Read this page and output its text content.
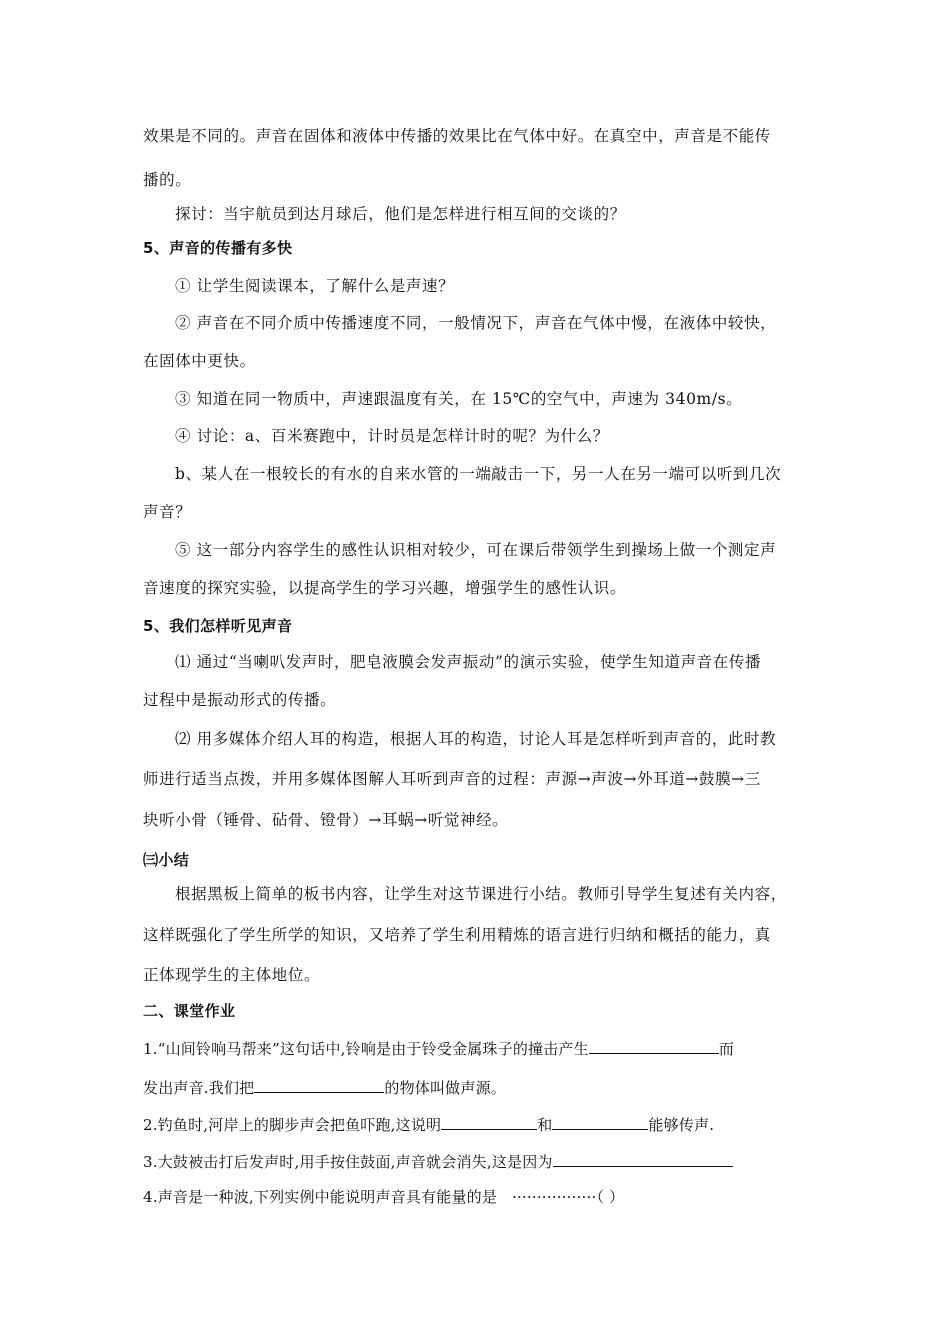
效果是不同的。声音在固体和液体中传播的效果比在气体中好。在真空中，声音是不能传
播的。
探讨：当宇航员到达月球后，他们是怎样进行相互间的交谈的？
5、声音的传播有多快
① 让学生阅读课本，了解什么是声速？
② 声音在不同介质中传播速度不同，一般情况下，声音在气体中慢，在液体中较快，
在固体中更快。
③ 知道在同一物质中，声速跟温度有关，在 15℃的空气中，声速为 340m/s。
④ 讨论：a、百米赛跑中，计时员是怎样计时的呢？为什么？
b、某人在一根较长的有水的自来水管的一端敲击一下，另一人在另一端可以听到几次
声音？
⑤ 这一部分内容学生的感性认识相对较少，可在课后带领学生到操场上做一个测定声
音速度的探究实验，以提高学生的学习兴趣，增强学生的感性认识。
5、我们怎样听见声音
⑴ 通过“当喇叭发声时，肥皂液膜会发声振动”的演示实验，使学生知道声音在传播
过程中是振动形式的传播。
⑵ 用多媒体介绍人耳的构造，根据人耳的构造，讨论人耳是怎样听到声音的，此时教
师进行适当点拨，并用多媒体图解人耳听到声音的过程：声源→声波→外耳道→鼓膜→三
块听小骨（锤骨、砧骨、镫骨）→耳蜗→听觉神经。
㈢小结
根据黑板上简单的板书内容，让学生对这节课进行小结。教师引导学生复述有关内容，
这样既强化了学生所学的知识，又培养了学生利用精炼的语言进行归纳和概括的能力，真
正体现学生的主体地位。
二、课堂作业
1.“山间铃响马帮来”这句话中,铃响是由于铃受金属珠子的撞击产生	而
发出声音.我们把	的物体叫做声源。
2.钓鱼时,河岸上的脚步声会把鱼吓跑,这说明	和	能够传声.
3.大鼓被击打后发声时,用手按住鼓面,声音就会消失,这是因为
4.声音是一种波,下列实例中能说明声音具有能量的是 ·················（ ）
